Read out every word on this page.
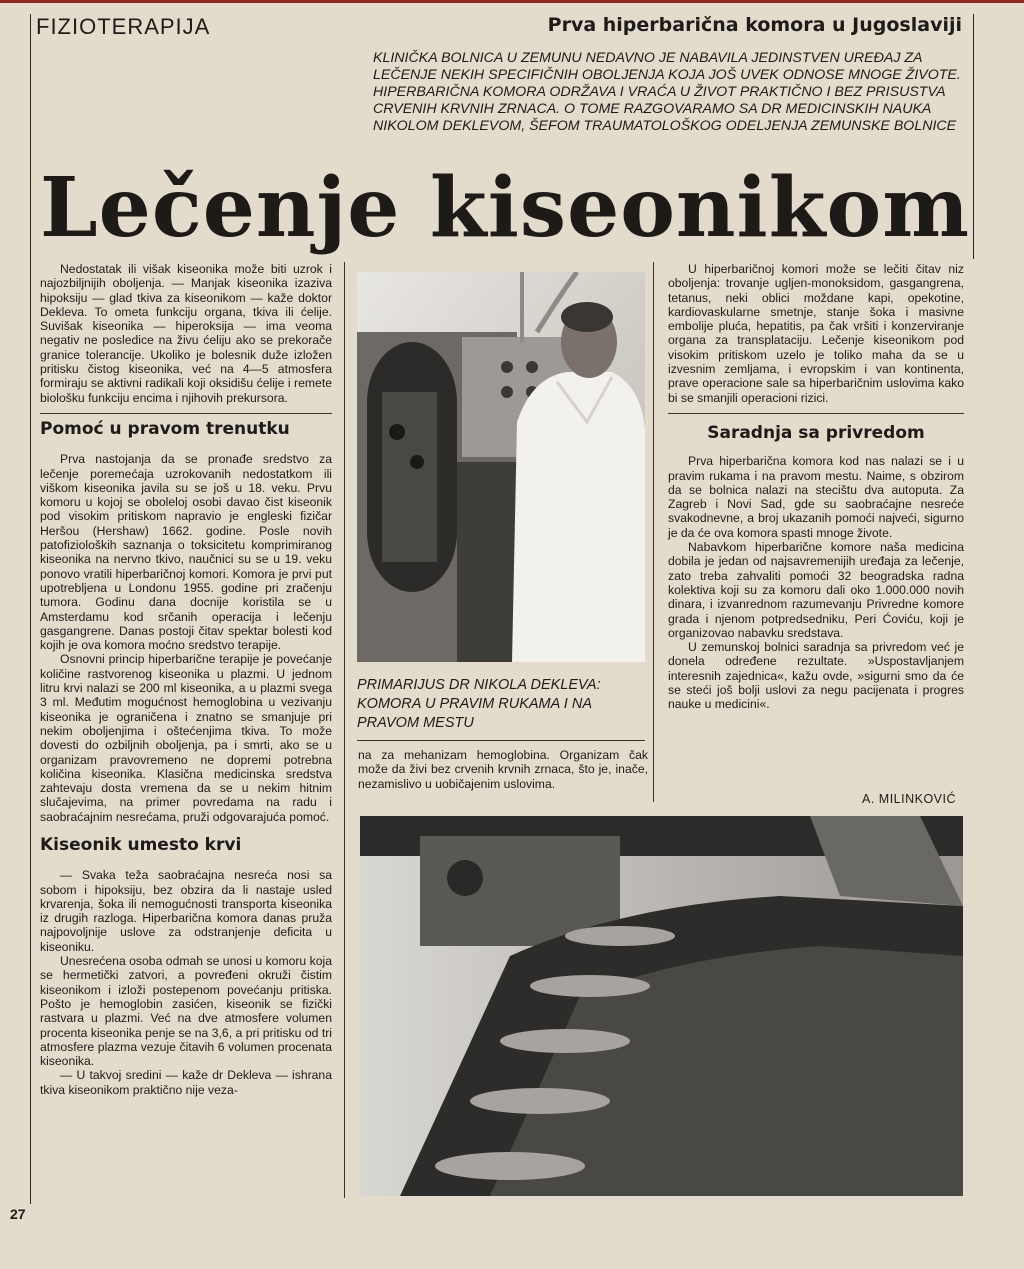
FIZIOTERAPIJA	Prva hiperbarična komora u Jugoslaviji

KLINIČKA BOLNICA U ZEMUNU NEDAVNO JE NABAVILA JEDINSTVEN UREĐAJ ZA LEČENJE NEKIH SPECIFIČNIH OBOLJENJA KOJA JOŠ UVEK ODNOSE MNOGE ŽIVOTE. HIPERBARIČNA KOMORA ODRŽAVA I VRAĆA U ŽIVOT PRAKTIČNO I BEZ PRISUSTVA CRVENIH KRVNIH ZRNACA. O TOME RAZGOVARAMO SA DR MEDICINSKIH NAUKA NIKOLOM DEKLEVOM, ŠEFOM TRAUMATOLOŠKOG ODELJENJA ZEMUNSKE BOLNICE

Lečenje kiseonikom

Nedostatak ili višak kiseonika može biti uzrok i najozbiljnijih oboljenja. — Manjak kiseonika izaziva hipoksiju — glad tkiva za kiseonikom — kaže doktor Dekleva. To ometa funkciju organa, tkiva ili ćelije. Suvišak kiseonika — hiperoksija — ima veoma negativ ne posledice na živu ćeliju ako se prekorače granice tolerancije. Ukoliko je bolesnik duže izložen pritisku čistog kiseonika, već na 4—5 atmosfera formiraju se aktivni radikali koji oksidišu ćelije i remete biološku funkciju encima i njihovih prekursora.

Pomoć u pravom trenutku

Prva nastojanja da se pronađe sredstvo za lečenje poremećaja uzrokovanih nedostatkom ili viškom kiseonika javila su se još u 18. veku. Prvu komoru u kojoj se oboleloj osobi davao čist kiseonik pod visokim pritiskom napravio je engleski fizičar Heršou (Hershaw) 1662. godine. Posle novih patofizioloških saznanja o toksicitetu komprimiranog kiseonika na nervno tkivo, naučnici su se u 19. veku ponovo vratili hiperbaričnoj komori. Komora je prvi put upotrebljena u Londonu 1955. godine pri zračenju tumora. Godinu dana docnije koristila se u Amsterdamu kod srčanih operacija i lečenju gasgangrene. Danas postoji čitav spektar bolesti kod kojih je ova komora moćno sredstvo terapije.

Osnovni princip hiperbarične terapije je povećanje količine rastvorenog kiseonika u plazmi. U jednom litru krvi nalazi se 200 ml kiseonika, a u plazmi svega 3 ml. Međutim mogućnost hemoglobina u vezivanju kiseonika je ograničena i znatno se smanjuje pri nekim oboljenjima i oštećenjima tkiva. To može dovesti do ozbiljnih oboljenja, pa i smrti, ako se u organizam pravovremeno ne dopremi potrebna količina kiseonika. Klasična medicinska sredstva zahtevaju dosta vremena da se u nekim hitnim slučajevima, na primer povredama na radu i saobraćajnim nesrećama, pruži odgovarajuća pomoć.

Kiseonik umesto krvi

— Svaka teža saobraćajna nesreća nosi sa sobom i hipoksiju, bez obzira da li nastaje usled krvarenja, šoka ili nemogućnosti transporta kiseonika iz drugih razloga. Hiperbarična komora danas pruža najpovoljnije uslove za odstranjenje deficita u kiseoniku.

Unesrećena osoba odmah se unosi u komoru koja se hermetički zatvori, a povređeni okruži čistim kiseonikom i izloži postepenom povećanju pritiska. Pošto je hemoglobin zasićen, kiseonik se fizički rastvara u plazmi. Već na dve atmosfere volumen procenta kiseonika penje se na 3,6, a pri pritisku od tri atmosfere plazma vezuje čitavih 6 volumen procenata kiseonika.

— U takvoj sredini — kaže dr Dekleva — ishrana tkiva kiseonikom praktično nije veza-

PRIMARIJUS DR NIKOLA DEKLEVA: KOMORA U PRAVIM RUKAMA I NA PRAVOM MESTU

na za mehanizam hemoglobina. Organizam čak može da živi bez crvenih krvnih zrnaca, što je, inače, nezamislivo u uobičajenim uslovima.

U hiperbaričnoj komori može se lečiti čitav niz oboljenja: trovanje ugljen-monoksidom, gasgangrena, tetanus, neki oblici moždane kapi, opekotine, kardiovaskularne smetnje, stanje šoka i masivne embolije pluća, hepatitis, pa čak vršiti i konzerviranje organa za transplataciju. Lečenje kiseonikom pod visokim pritiskom uzelo je toliko maha da se u izvesnim zemljama, i evropskim i van kontinenta, prave operacione sale sa hiperbaričnim uslovima kako bi se smanjili operacioni rizici.

Saradnja sa privredom

Prva hiperbarična komora kod nas nalazi se i u pravim rukama i na pravom mestu. Naime, s obzirom da se bolnica nalazi na stecištu dva autoputa. Za Zagreb i Novi Sad, gde su saobraćajne nesreće svakodnevne, a broj ukazanih pomoći najveći, sigurno je da će ova komora spasti mnoge živote.

Nabavkom hiperbarične komore naša medicina dobila je jedan od najsavremenijih uređaja za lečenje, zato treba zahvaliti pomoći 32 beogradska radna kolektiva koji su za komoru dali oko 1.000.000 novih dinara, i izvanrednom razumevanju Privredne komore grada i njenom potpredsedniku, Peri Ćoviću, koji je organizovao nabavku sredstava.

U zemunskoj bolnici saradnja sa privredom već je donela određene rezultate. »Uspostavljanjem interesnih zajednica«, kažu ovde, »sigurni smo da će se steći još bolji uslovi za negu pacijenata i progres nauke u medicini«.

A. MILINKOVIĆ
27
